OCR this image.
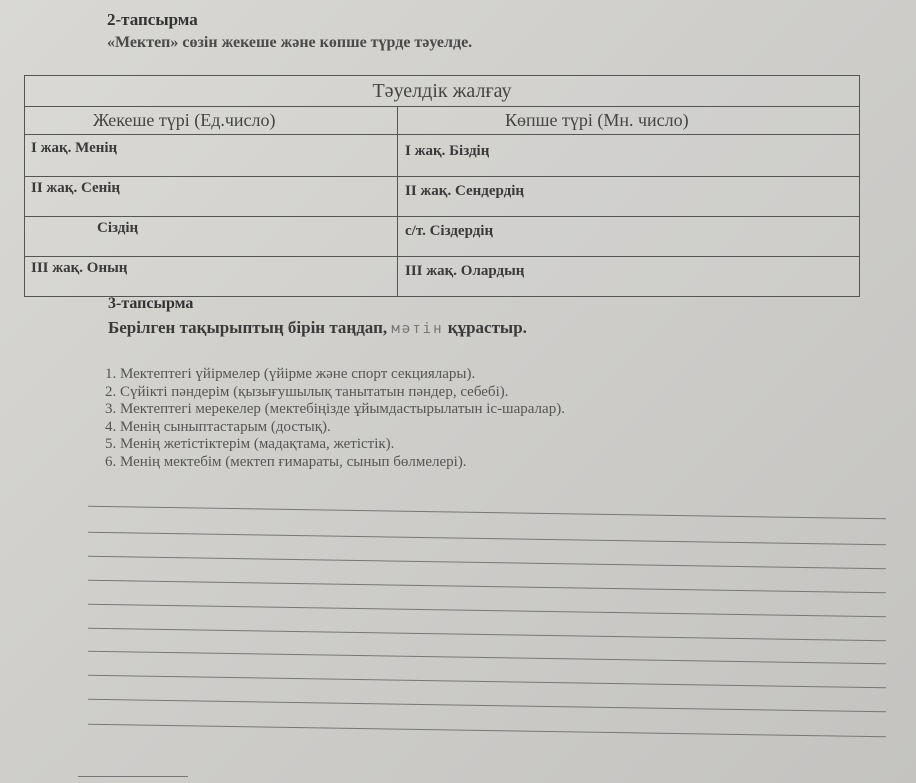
2-тапсырма
«Мектеп» сөзін жекеше және көпше түрде тәуелде.
Тәуелдік жалғау
Жекеше түрі (Ед.число)	Көпше түрі (Мн. число)
І жақ. Менің	І жақ. Біздің
ІІ жақ. Сенің	ІІ жақ. Сендердің
Сіздің	с/т. Сіздердің
ІІІ жақ. Оның	ІІІ жақ. Олардың
3-тапсырма
Берілген тақырыптың бірін таңдап, мәтін құрастыр.
1. Мектептегі үйірмелер (үйірме және спорт секциялары).
2. Сүйікті пәндерім (қызығушылық танытатын пәндер, себебі).
3. Мектептегі мерекелер (мектебіңізде ұйымдастырылатын іс-шаралар).
4. Менің сыныптастарым (достық).
5. Менің жетістіктерім (мадақтама, жетістік).
6. Менің мектебім (мектеп ғимараты, сынып бөлмелері).
